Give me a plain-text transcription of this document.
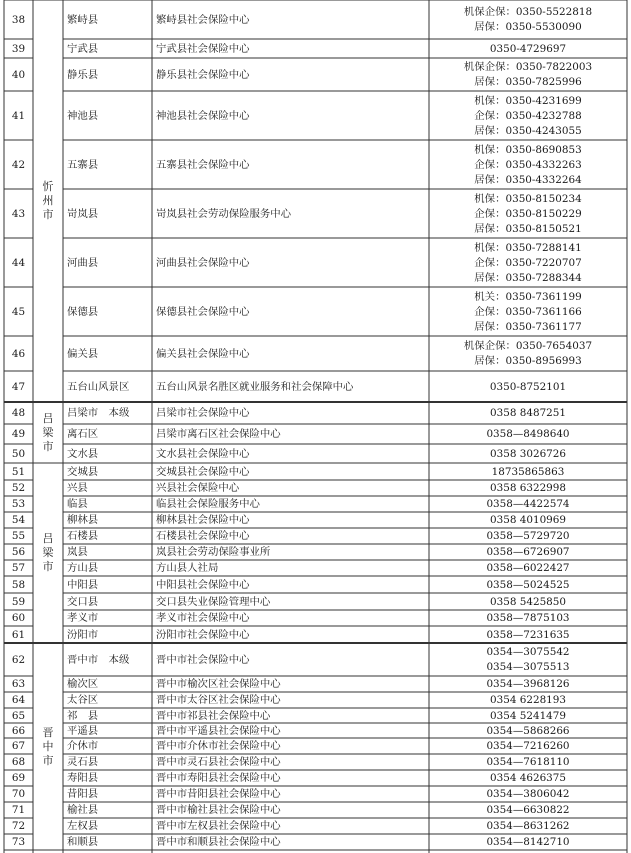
忻
州
市
38	繁峙县	繁峙县社会保险中心
机保企保：0350-5522818
居保：0350-5530090
39	宁武县	宁武县社会保险中心	0350-4729697
40	静乐县	静乐县社会保险中心
机保企保：0350-7822003
居保：0350-7825996
41	神池县	神池县社会保险中心
机保：0350-4231699
企保：0350-4232788
居保：0350-4243055
42	五寨县	五寨县社会保险中心
机保：0350-8690853
企保：0350-4332263
居保：0350-4332264
43	岢岚县	岢岚县社会劳动保险服务中心
机保：0350-8150234
企保：0350-8150229
居保：0350-8150521
44	河曲县	河曲县社会保险中心
机保：0350-7288141
企保：0350-7220707
居保：0350-7288344
45	保德县	保德县社会保险中心
机关：0350-7361199
企保：0350-7361166
居保：0350-7361177
46	偏关县	偏关县社会保险中心
机保企保：0350-7654037
居保：0350-8956993
47	五台山风景区	五台山风景名胜区就业服务和社会保障中心	0350-8752101
吕
梁
市
48	吕梁市　本级	吕梁市社会保险中心	0358 8487251
49	离石区	吕梁市离石区社会保险中心	0358—8498640
50	文水县	文水县社会保险中心	0358 3026726
吕
梁
市
51	交城县	交城县社会保险中心	18735865863
52	兴县	兴县社会保险中心	0358 6322998
53	临县	临县社会保险服务中心	0358—4422574
54	柳林县	柳林县社会保险中心	0358 4010969
55	石楼县	石楼县社会保险中心	0358—5729720
56	岚县	岚县社会劳动保险事业所	0358—6726907
57	方山县	方山县人社局	0358—6022427
58	中阳县	中阳县社会保险中心	0358—5024525
59	交口县	交口县失业保险管理中心	0358 5425850
60	孝义市	孝义市社会保险中心	0358—7875103
61	汾阳市	汾阳市社会保险中心	0358—7231635
晋
中
市
62	晋中市　本级	晋中市社会保险中心
0354—3075542
0354—3075513
63	榆次区	晋中市榆次区社会保险中心	0354—3968126
64	太谷区	晋中市太谷区社会保险中心	0354 6228193
65	祁　县	晋中市祁县社会保险中心	0354 5241479
66	平遥县	晋中市平遥县社会保险中心	0354—5868266
67	介休市	晋中市介休市社会保险中心	0354—7216260
68	灵石县	晋中市灵石县社会保险中心	0354—7618110
69	寿阳县	晋中市寿阳县社会保险中心	0354 4626375
70	昔阳县	晋中市昔阳县社会保险中心	0354—3806042
71	榆社县	晋中市榆社县社会保险中心	0354—6630822
72	左权县	晋中市左权县社会保险中心	0354—8631262
73	和顺县	晋中市和顺县社会保险中心	0354—8142710
